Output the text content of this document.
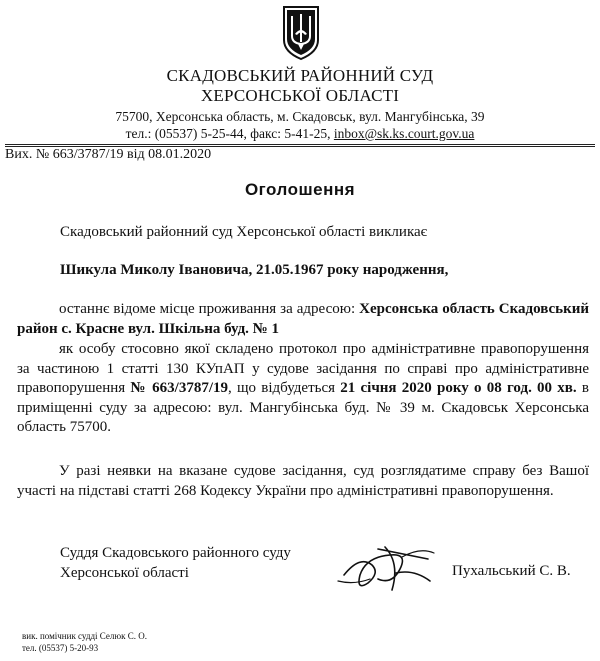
СКАДОВСЬКИЙ РАЙОННИЙ СУД
ХЕРСОНСЬКОЇ ОБЛАСТІ
75700, Херсонська область, м. Скадовськ, вул. Мангубінська, 39
тел.: (05537) 5-25-44, факс: 5-41-25, inbox@sk.ks.court.gov.ua
Вих. № 663/3787/19 від 08.01.2020
Оголошення
Скадовський районний суд Херсонської області викликає
Шикула Миколу Івановича, 21.05.1967 року народження,
останнє відоме місце проживання за адресою: Херсонська область Скадовський район с. Красне вул. Шкільна буд. № 1
як особу стосовно якої складено протокол про адміністративне правопорушення за частиною 1 статті 130 КУпАП у судове засідання по справі про адміністративне правопорушення № 663/3787/19, що відбудеться 21 січня 2020 року о 08 год. 00 хв. в приміщенні суду за адресою: вул. Мангубінська буд. № 39 м. Скадовськ Херсонська область 75700.
У разі неявки на вказане судове засідання, суд розглядатиме справу без Вашої участі на підставі статті 268 Кодексу України про адміністративні правопорушення.
Суддя Скадовського районного суду
Херсонської області	Пухальський С. В.
вик. помічник судді Селюк С. О.
тел. (05537) 5-20-93
